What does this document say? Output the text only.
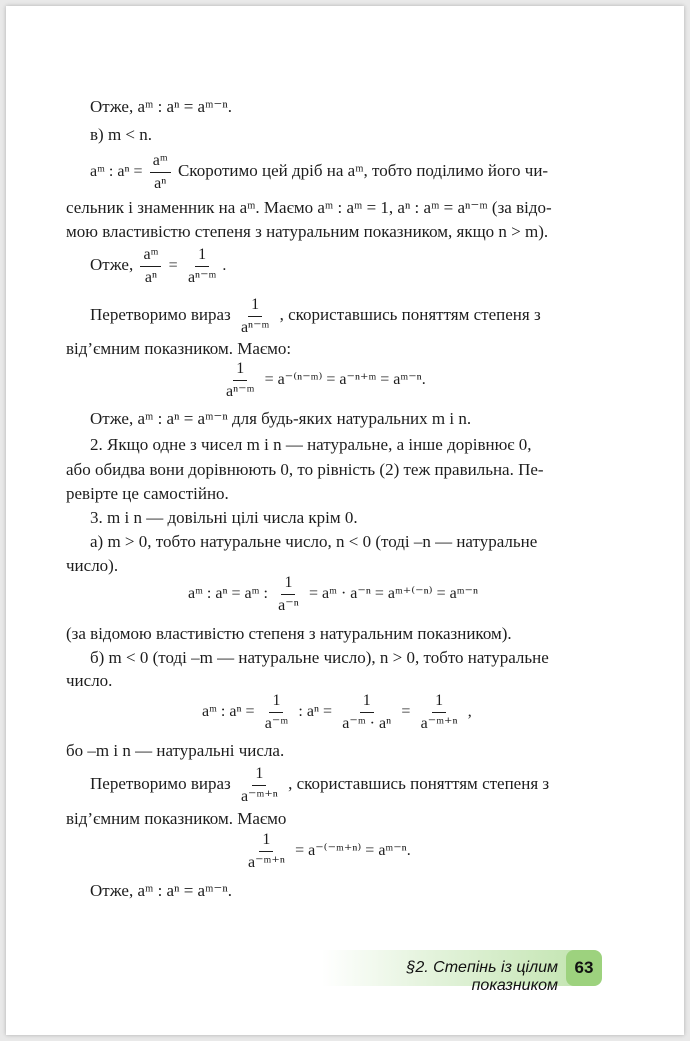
Отже, aᵐ : aⁿ = aᵐ⁻ⁿ.
в) m < n.
aᵐ : $a^n = \frac{\text{aᵐ}}{\text{aⁿ}}$ Скоротимо цей дріб на aᵐ, тобто поділимо його чи-
сельник і знаменник на aᵐ. Маємо aᵐ : aᵐ = 1, aⁿ : aᵐ = aⁿ⁻ᵐ (за відо-
мою властивістю степеня з натуральним показником, якщо n > m).
Отже, $\frac{\text{aᵐ}}{\text{aⁿ}} = \frac{1}{\text{aⁿ⁻ᵐ}}$ .
Перетворимо вираз $\frac{1}{\text{aⁿ⁻ᵐ}}$ , скориставшись поняттям степеня з
від’ємним показником. Маємо:
$\frac{1}{\text{aⁿ⁻ᵐ}}$ = a⁻⁽ⁿ⁻ᵐ⁾ = a⁻ⁿ⁺ᵐ = aᵐ⁻ⁿ.
Отже, aᵐ : aⁿ = aᵐ⁻ⁿ для будь-яких натуральних m і n.
2. Якщо одне з чисел m і n — натуральне, а інше дорівнює 0,
або обидва вони дорівнюють 0, то рівність (2) теж правильна. Пе-
ревірте це самостійно.
3. m і n — довільні цілі числа крім 0.
а) m > 0, тобто натуральне число, n < 0 (тоді –n — натуральне
число).
aᵐ : aⁿ = aᵐ : $\frac{1}{\text{a⁻ⁿ}}$ = aᵐ · a⁻ⁿ = aᵐ⁺⁽⁻ⁿ⁾ = aᵐ⁻ⁿ
(за відомою властивістю степеня з натуральним показником).
б) m < 0 (тоді –m — натуральне число), n > 0, тобто натуральне
число.
aᵐ : $a^n = \frac{1}{\text{a⁻ᵐ}}$ : $a^n = \frac{1}{\text{a⁻ᵐ · aⁿ}} = \frac{1}{\text{a⁻ᵐ⁺ⁿ}}$ ,
бо –m і n — натуральні числа.
Перетворимо вираз $\frac{1}{\text{a⁻ᵐ⁺ⁿ}}$ , скориставшись поняттям степеня з
від’ємним показником. Маємо
$\frac{1}{\text{a⁻ᵐ⁺ⁿ}}$ = a⁻⁽⁻ᵐ⁺ⁿ⁾ = aᵐ⁻ⁿ.
Отже, aᵐ : aⁿ = aᵐ⁻ⁿ.
§2. Степінь із цілим показником
63
